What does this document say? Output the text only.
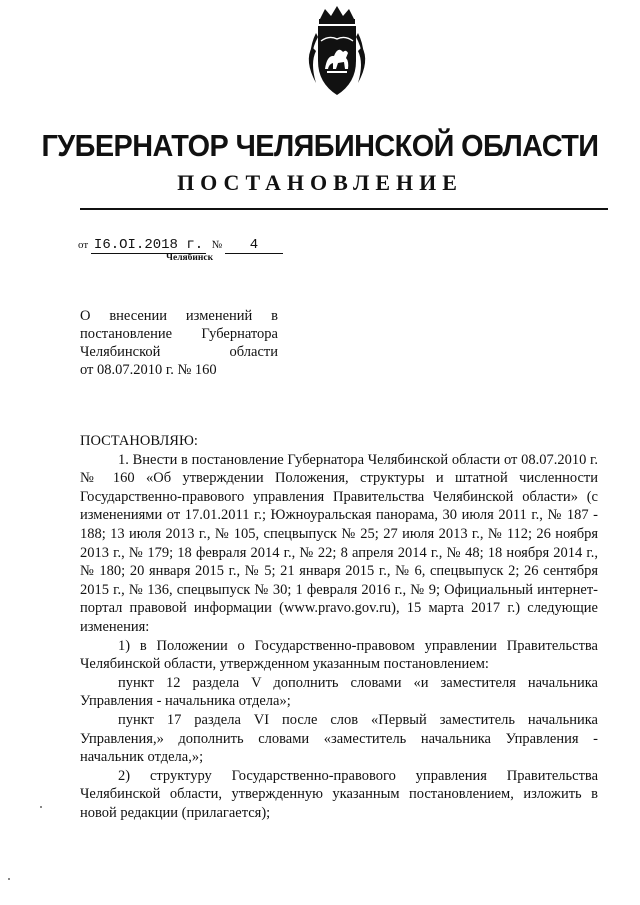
ГУБЕРНАТОР ЧЕЛЯБИНСКОЙ ОБЛАСТИ
ПОСТАНОВЛЕНИЕ
от I6.OI.2018 г. № 4
Челябинск
О внесении изменений в
постановление Губернатора
Челябинской области
от 08.07.2010 г. № 160

ПОСТАНОВЛЯЮ:

1. Внести в постановление Губернатора Челябинской области от 08.07.2010 г. № 160 «Об утверждении Положения, структуры и штатной численности Государственно-правового управления Правительства Челябинской области» (с изменениями от 17.01.2011 г.; Южноуральская панорама, 30 июля 2011 г., № 187 - 188; 13 июля 2013 г., № 105, спецвыпуск № 25; 27 июля 2013 г., № 112; 26 ноября 2013 г., № 179; 18 февраля 2014 г., № 22; 8 апреля 2014 г., № 48; 18 ноября 2014 г., № 180; 20 января 2015 г., № 5; 21 января 2015 г., № 6, спецвыпуск 2; 26 сентября 2015 г., № 136, спецвыпуск № 30; 1 февраля 2016 г., № 9; Официальный интернет-портал правовой информации (www.pravo.gov.ru), 15 марта 2017 г.) следующие изменения:

1) в Положении о Государственно-правовом управлении Правительства Челябинской области, утвержденном указанным постановлением:

пункт 12 раздела V дополнить словами «и заместителя начальника Управления - начальника отдела»;

пункт 17 раздела VI после слов «Первый заместитель начальника Управления,» дополнить словами «заместитель начальника Управления - начальник отдела,»;

2) структуру Государственно-правового управления Правительства Челябинской области, утвержденную указанным постановлением, изложить в новой редакции (прилагается);
